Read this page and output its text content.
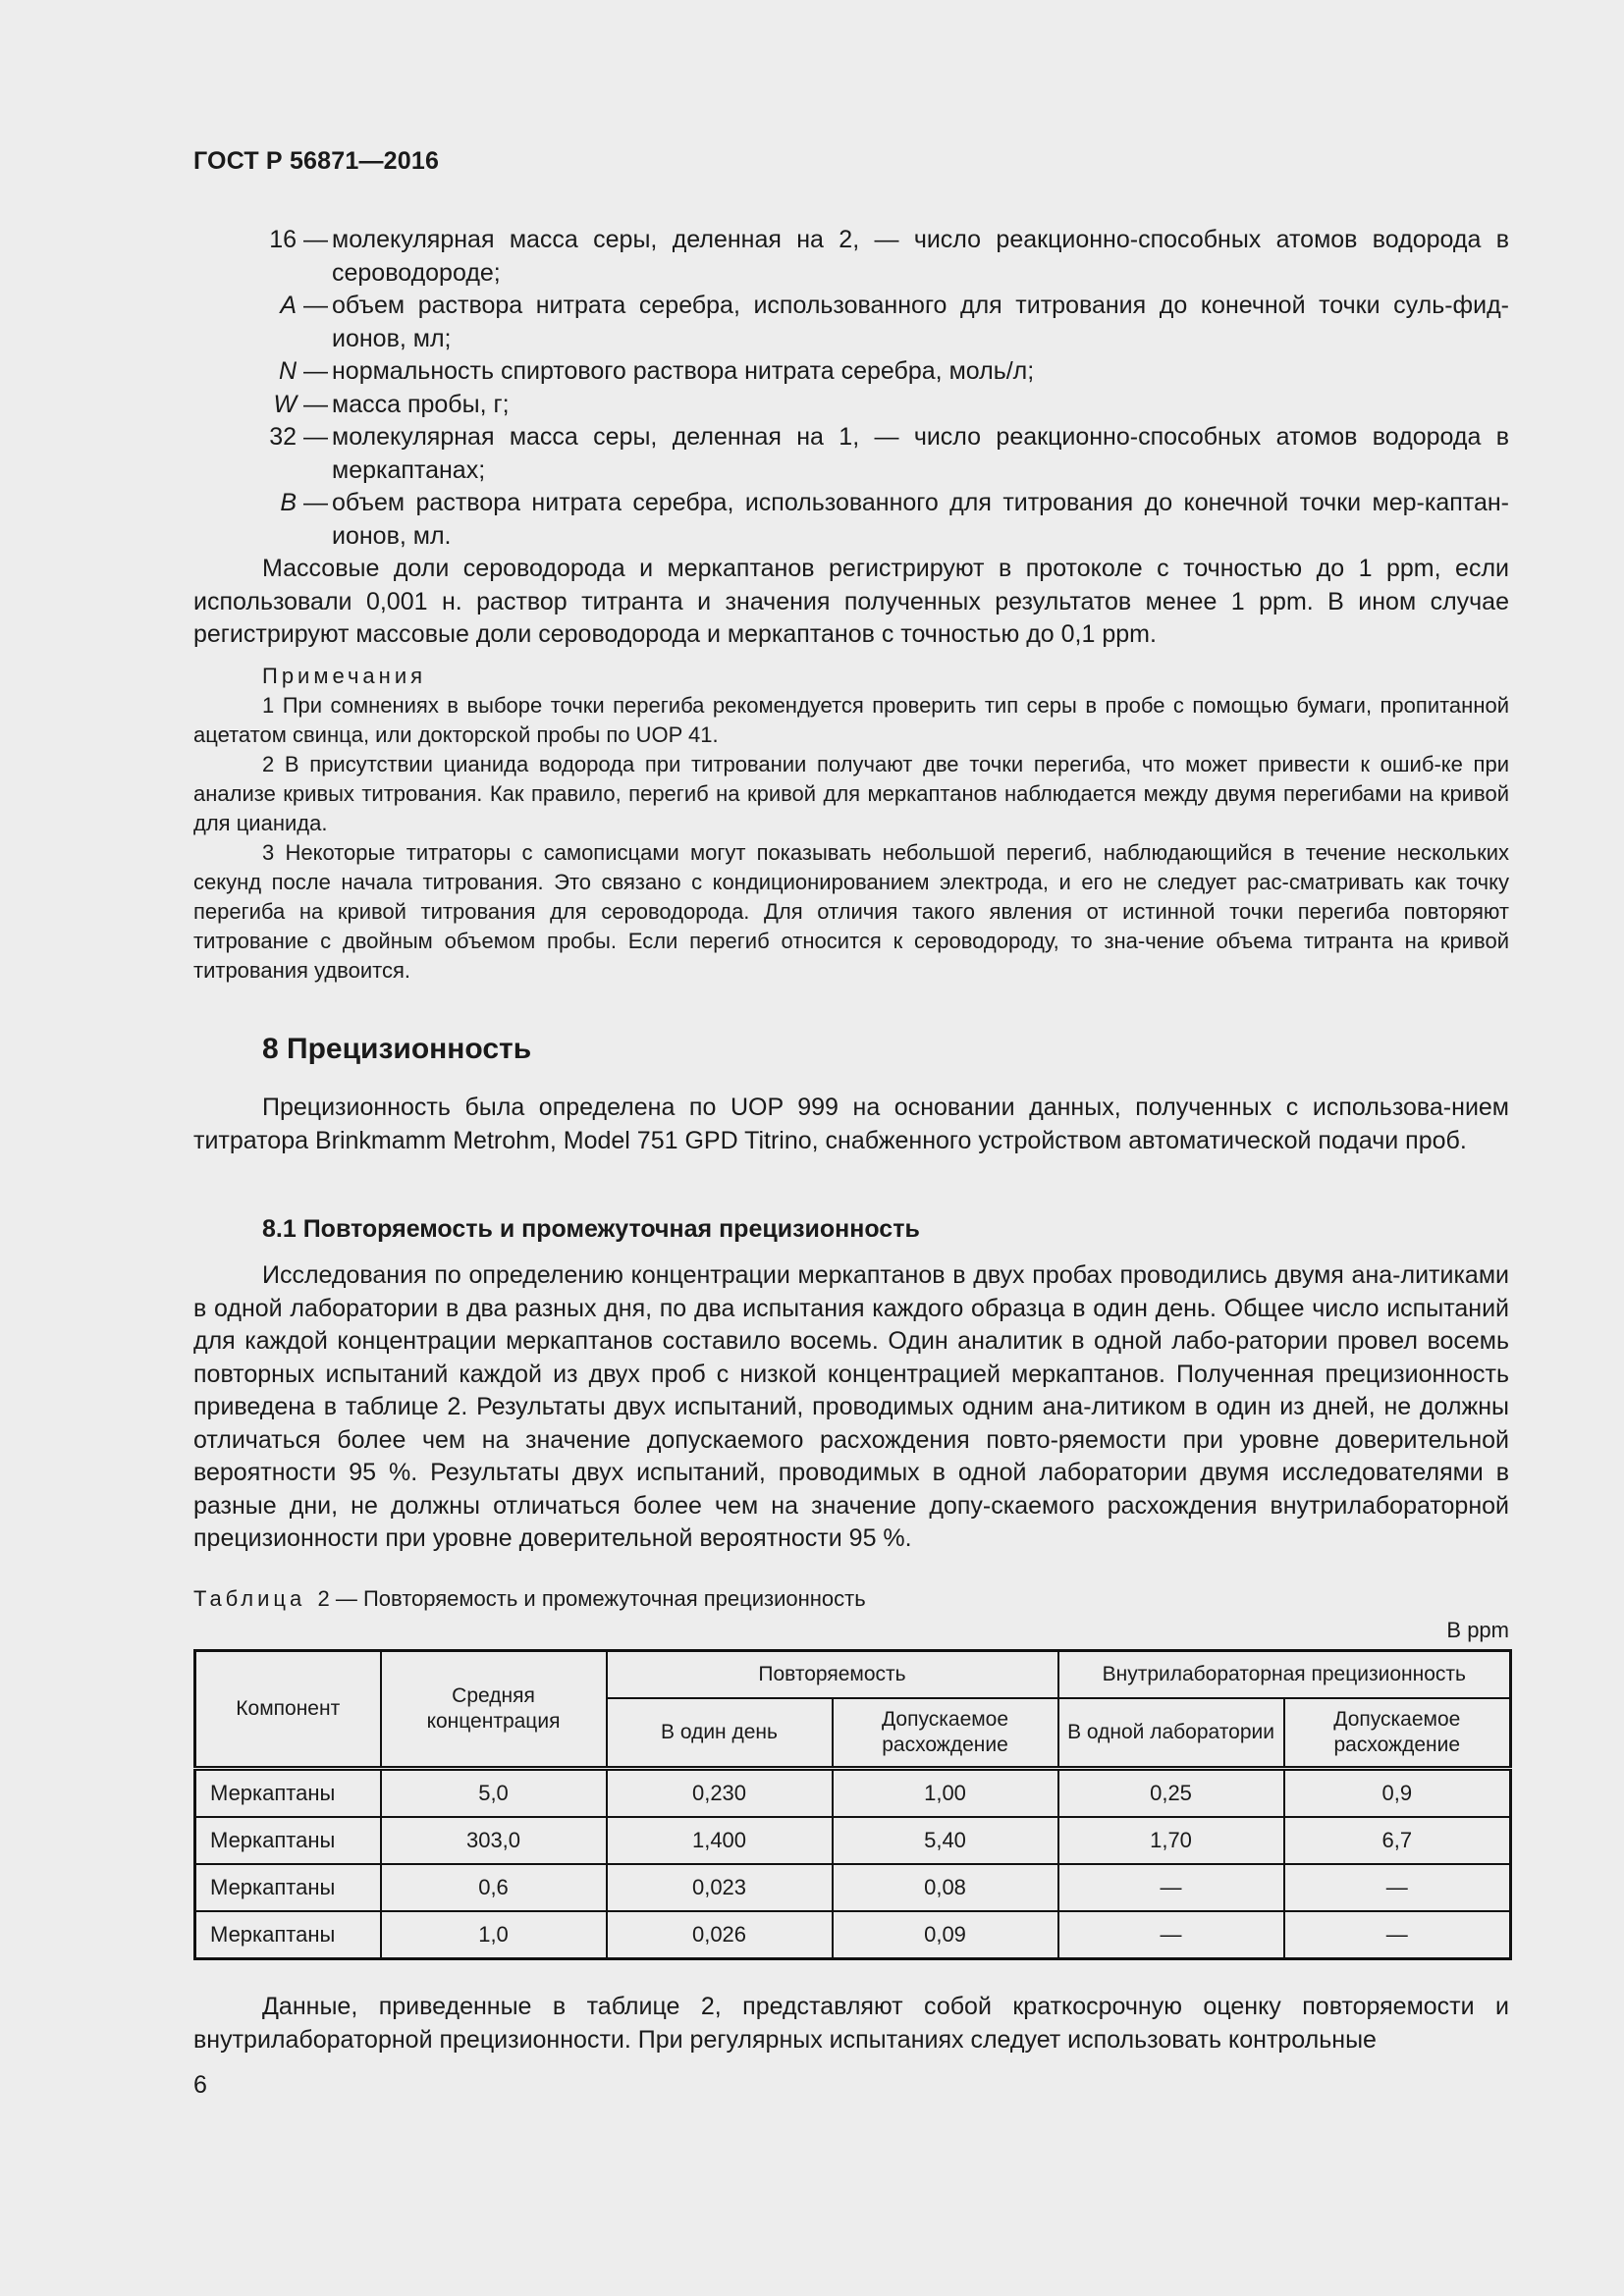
ГОСТ Р 56871—2016
16 — молекулярная масса серы, деленная на 2, — число реакционно-способных атомов водорода в сероводороде;
A — объем раствора нитрата серебра, использованного для титрования до конечной точки суль-фид-ионов, мл;
N — нормальность спиртового раствора нитрата серебра, моль/л;
W — масса пробы, г;
32 — молекулярная масса серы, деленная на 1, — число реакционно-способных атомов водорода в меркаптанах;
B — объем раствора нитрата серебра, использованного для титрования до конечной точки мер-каптан-ионов, мл.
Массовые доли сероводорода и меркаптанов регистрируют в протоколе с точностью до 1 ppm, если использовали 0,001 н. раствор титранта и значения полученных результатов менее 1 ppm. В ином случае регистрируют массовые доли сероводорода и меркаптанов с точностью до 0,1 ppm.
Примечания
1 При сомнениях в выборе точки перегиба рекомендуется проверить тип серы в пробе с помощью бумаги, пропитанной ацетатом свинца, или докторской пробы по UOP 41.
2 В присутствии цианида водорода при титровании получают две точки перегиба, что может привести к ошиб-ке при анализе кривых титрования. Как правило, перегиб на кривой для меркаптанов наблюдается между двумя перегибами на кривой для цианида.
3 Некоторые титраторы с самописцами могут показывать небольшой перегиб, наблюдающийся в течение нескольких секунд после начала титрования. Это связано с кондиционированием электрода, и его не следует рас-сматривать как точку перегиба на кривой титрования для сероводорода. Для отличия такого явления от истинной точки перегиба повторяют титрование с двойным объемом пробы. Если перегиб относится к сероводороду, то зна-чение объема титранта на кривой титрования удвоится.
8 Прецизионность
Прецизионность была определена по UOP 999 на основании данных, полученных с использова-нием титратора Brinkmamm Metrohm, Model 751 GPD Titrino, снабженного устройством автоматической подачи проб.
8.1 Повторяемость и промежуточная прецизионность
Исследования по определению концентрации меркаптанов в двух пробах проводились двумя ана-литиками в одной лаборатории в два разных дня, по два испытания каждого образца в один день. Общее число испытаний для каждой концентрации меркаптанов составило восемь. Один аналитик в одной лабо-ратории провел восемь повторных испытаний каждой из двух проб с низкой концентрацией меркаптанов. Полученная прецизионность приведена в таблице 2. Результаты двух испытаний, проводимых одним ана-литиком в один из дней, не должны отличаться более чем на значение допускаемого расхождения повто-ряемости при уровне доверительной вероятности 95 %. Результаты двух испытаний, проводимых в одной лаборатории двумя исследователями в разные дни, не должны отличаться более чем на значение допу-скаемого расхождения внутрилабораторной прецизионности при уровне доверительной вероятности 95 %.
Таблица 2 — Повторяемость и промежуточная прецизионность
В ppm
Компонент	Средняя концентрация	Повторяемость		Внутрилабораторная прецизионность	
		В один день	Допускаемое расхождение	В одной лаборатории	Допускаемое расхождение
Меркаптаны	5,0	0,230	1,00	0,25	0,9
Меркаптаны	303,0	1,400	5,40	1,70	6,7
Меркаптаны	0,6	0,023	0,08	—	—
Меркаптаны	1,0	0,026	0,09	—	—
Данные, приведенные в таблице 2, представляют собой краткосрочную оценку повторяемости и внутрилабораторной прецизионности. При регулярных испытаниях следует использовать контрольные
6
